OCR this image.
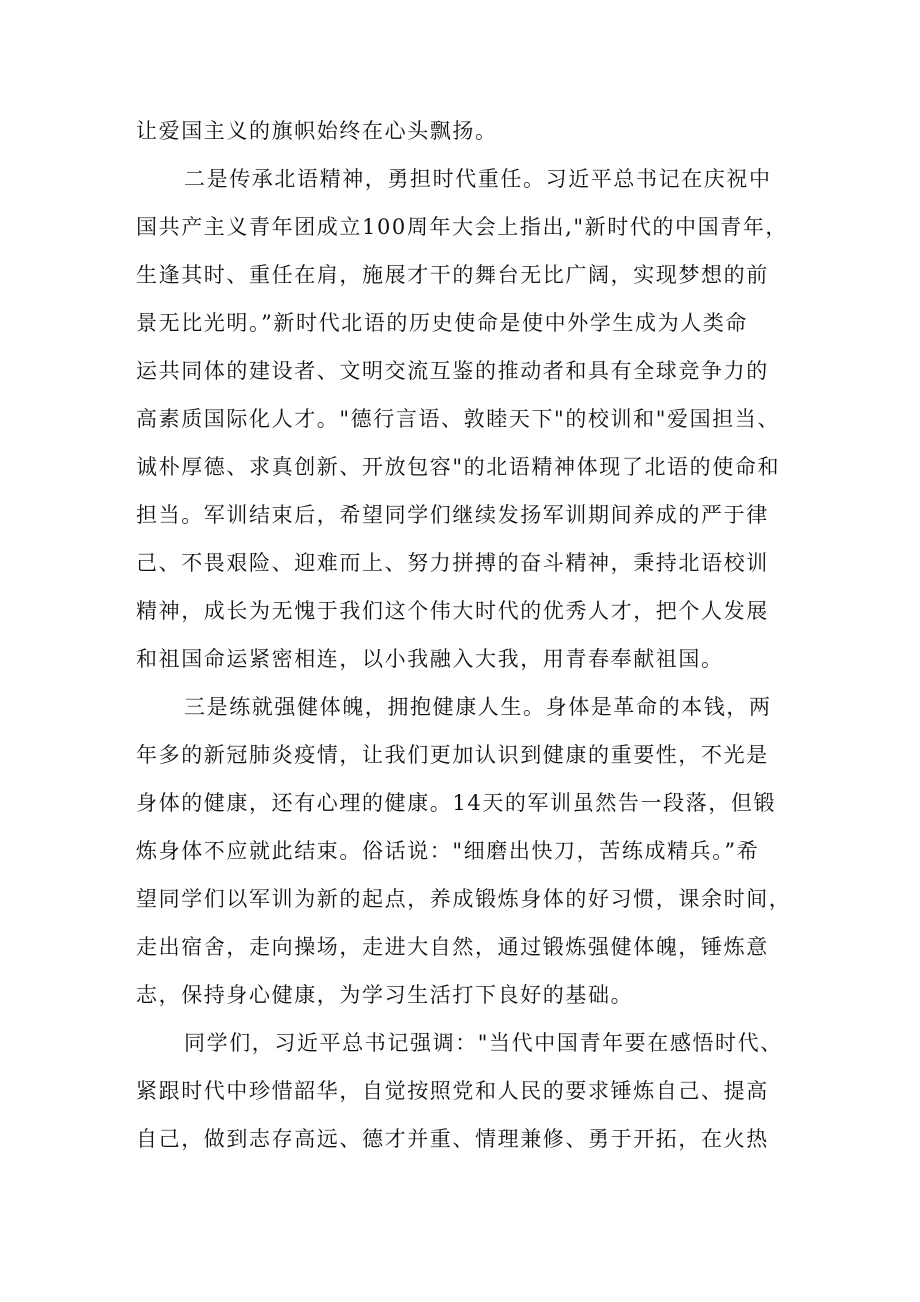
让爱国主义的旗帜始终在心头飘扬。
二是传承北语精神，勇担时代重任。习近平总书记在庆祝中
国共产主义青年团成立100周年大会上指出,"新时代的中国青年，
生逢其时、重任在肩，施展才干的舞台无比广阔，实现梦想的前
景无比光明。”新时代北语的历史使命是使中外学生成为人类命
运共同体的建设者、文明交流互鉴的推动者和具有全球竞争力的
高素质国际化人才。"德行言语、敦睦天下"的校训和"爱国担当、
诚朴厚德、求真创新、开放包容"的北语精神体现了北语的使命和
担当。军训结束后，希望同学们继续发扬军训期间养成的严于律
己、不畏艰险、迎难而上、努力拼搏的奋斗精神，秉持北语校训
精神，成长为无愧于我们这个伟大时代的优秀人才，把个人发展
和祖国命运紧密相连，以小我融入大我，用青春奉献祖国。
三是练就强健体魄，拥抱健康人生。身体是革命的本钱，两
年多的新冠肺炎疫情，让我们更加认识到健康的重要性，不光是
身体的健康，还有心理的健康。14天的军训虽然告一段落，但锻
炼身体不应就此结束。俗话说："细磨出快刀，苦练成精兵。”希
望同学们以军训为新的起点，养成锻炼身体的好习惯，课余时间，
走出宿舍，走向操场，走进大自然，通过锻炼强健体魄，锤炼意
志，保持身心健康，为学习生活打下良好的基础。
同学们，习近平总书记强调："当代中国青年要在感悟时代、
紧跟时代中珍惜韶华，自觉按照党和人民的要求锤炼自己、提高
自己，做到志存高远、德才并重、情理兼修、勇于开拓，在火热
